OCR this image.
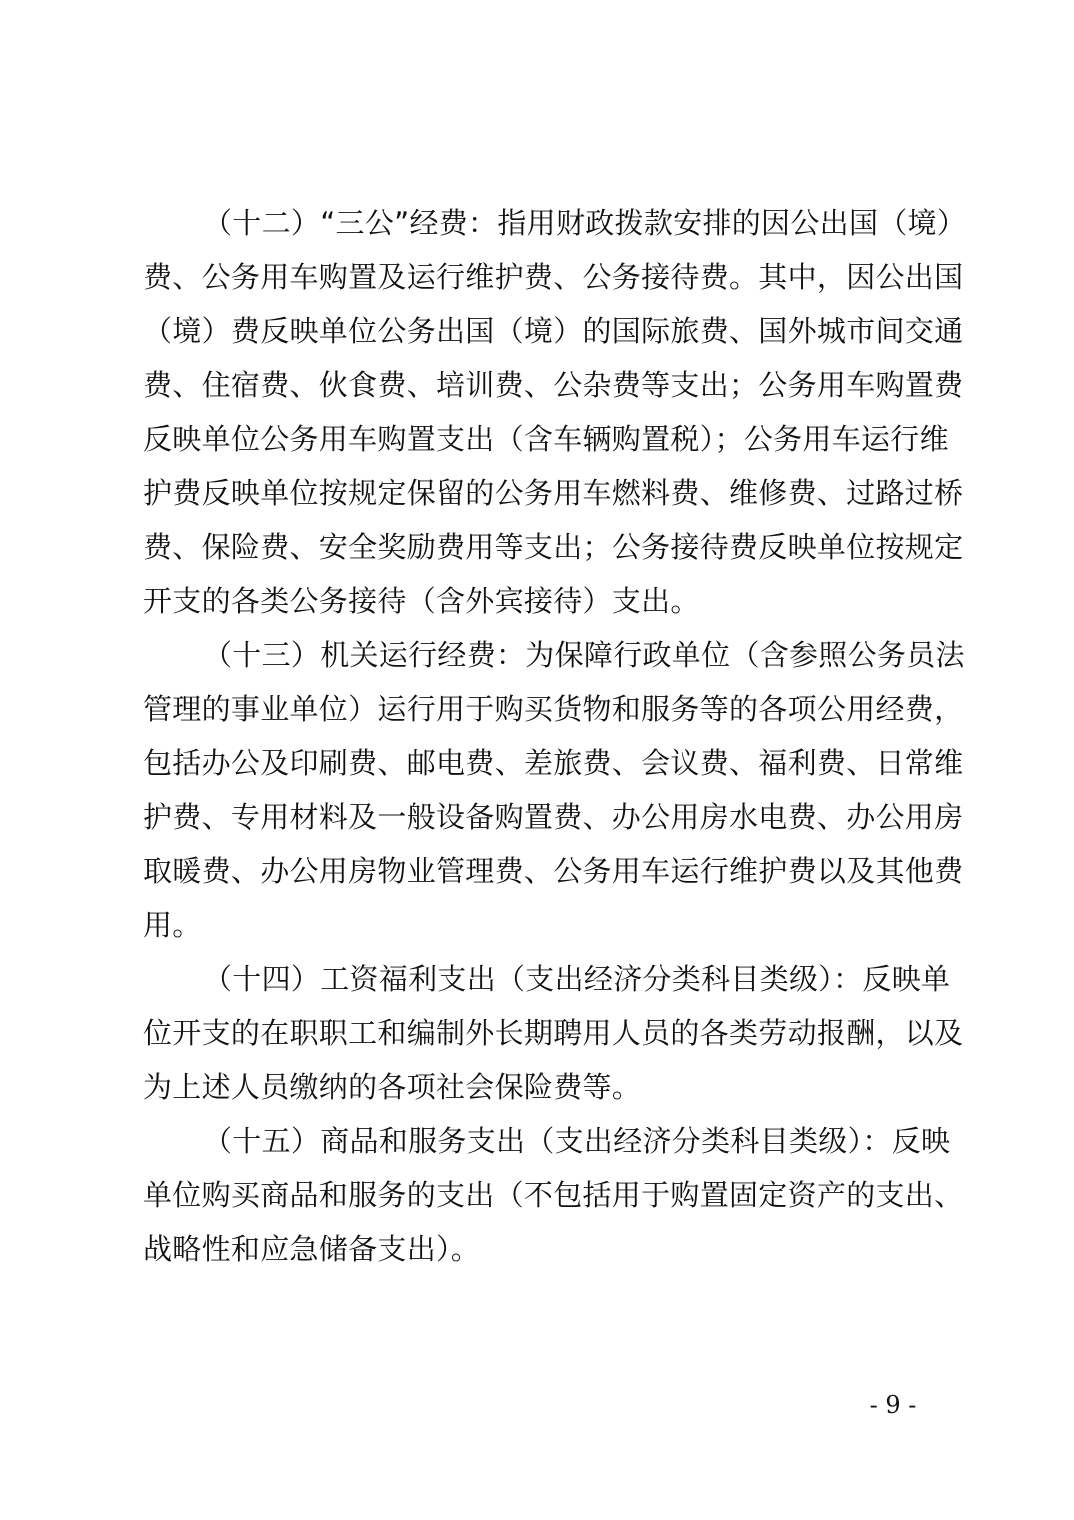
（十二）“三公”经费：指用财政拨款安排的因公出国（境）
费、公务用车购置及运行维护费、公务接待费。其中，因公出国
（境）费反映单位公务出国（境）的国际旅费、国外城市间交通
费、住宿费、伙食费、培训费、公杂费等支出；公务用车购置费
反映单位公务用车购置支出（含车辆购置税）；公务用车运行维
护费反映单位按规定保留的公务用车燃料费、维修费、过路过桥
费、保险费、安全奖励费用等支出；公务接待费反映单位按规定
开支的各类公务接待（含外宾接待）支出。
（十三）机关运行经费：为保障行政单位（含参照公务员法
管理的事业单位）运行用于购买货物和服务等的各项公用经费，
包括办公及印刷费、邮电费、差旅费、会议费、福利费、日常维
护费、专用材料及一般设备购置费、办公用房水电费、办公用房
取暖费、办公用房物业管理费、公务用车运行维护费以及其他费
用。
（十四）工资福利支出（支出经济分类科目类级）：反映单
位开支的在职职工和编制外长期聘用人员的各类劳动报酬，以及
为上述人员缴纳的各项社会保险费等。
（十五）商品和服务支出（支出经济分类科目类级）：反映
单位购买商品和服务的支出（不包括用于购置固定资产的支出、
战略性和应急储备支出）。
- 9 -
